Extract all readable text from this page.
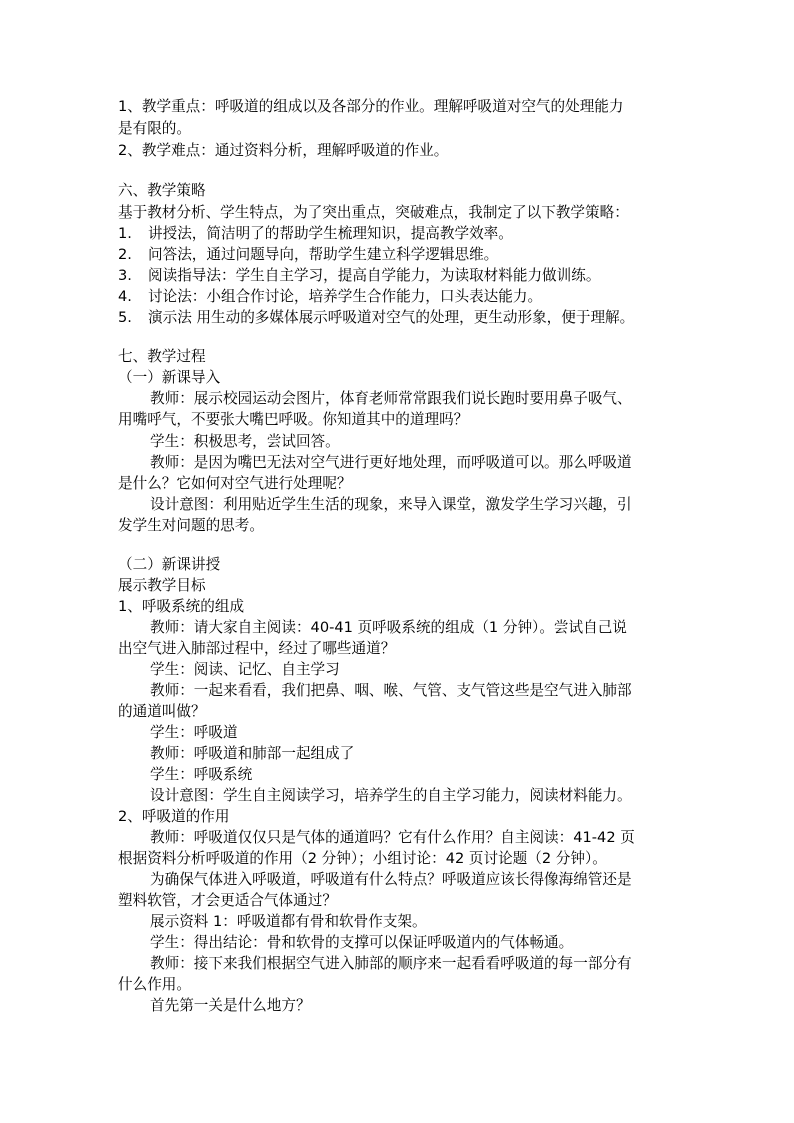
1、教学重点：呼吸道的组成以及各部分的作业。理解呼吸道对空气的处理能力
是有限的。
2、教学难点：通过资料分析，理解呼吸道的作业。
六、教学策略
基于教材分析、学生特点，为了突出重点，突破难点，我制定了以下教学策略：
1. 讲授法，简洁明了的帮助学生梳理知识，提高教学效率。
2. 问答法，通过问题导向，帮助学生建立科学逻辑思维。
3. 阅读指导法：学生自主学习，提高自学能力，为读取材料能力做训练。
4. 讨论法：小组合作讨论，培养学生合作能力，口头表达能力。
5. 演示法 用生动的多媒体展示呼吸道对空气的处理，更生动形象，便于理解。
七、教学过程
（一）新课导入
教师：展示校园运动会图片，体育老师常常跟我们说长跑时要用鼻子吸气、
用嘴呼气，不要张大嘴巴呼吸。你知道其中的道理吗？
学生：积极思考，尝试回答。
教师：是因为嘴巴无法对空气进行更好地处理，而呼吸道可以。那么呼吸道
是什么？它如何对空气进行处理呢？
设计意图：利用贴近学生生活的现象，来导入课堂，激发学生学习兴趣，引
发学生对问题的思考。
（二）新课讲授
展示教学目标
1、呼吸系统的组成
教师：请大家自主阅读：40-41 页呼吸系统的组成（1 分钟）。尝试自己说
出空气进入肺部过程中，经过了哪些通道？
学生：阅读、记忆、自主学习
教师：一起来看看，我们把鼻、咽、喉、气管、支气管这些是空气进入肺部
的通道叫做？
学生：呼吸道
教师：呼吸道和肺部一起组成了
学生：呼吸系统
设计意图：学生自主阅读学习，培养学生的自主学习能力，阅读材料能力。
2、呼吸道的作用
教师：呼吸道仅仅只是气体的通道吗？它有什么作用？自主阅读：41-42 页
根据资料分析呼吸道的作用（2 分钟）；小组讨论：42 页讨论题（2 分钟）。
为确保气体进入呼吸道，呼吸道有什么特点？呼吸道应该长得像海绵管还是
塑料软管，才会更适合气体通过？
展示资料 1：呼吸道都有骨和软骨作支架。
学生：得出结论：骨和软骨的支撑可以保证呼吸道内的气体畅通。
教师：接下来我们根据空气进入肺部的顺序来一起看看呼吸道的每一部分有
什么作用。
首先第一关是什么地方？
